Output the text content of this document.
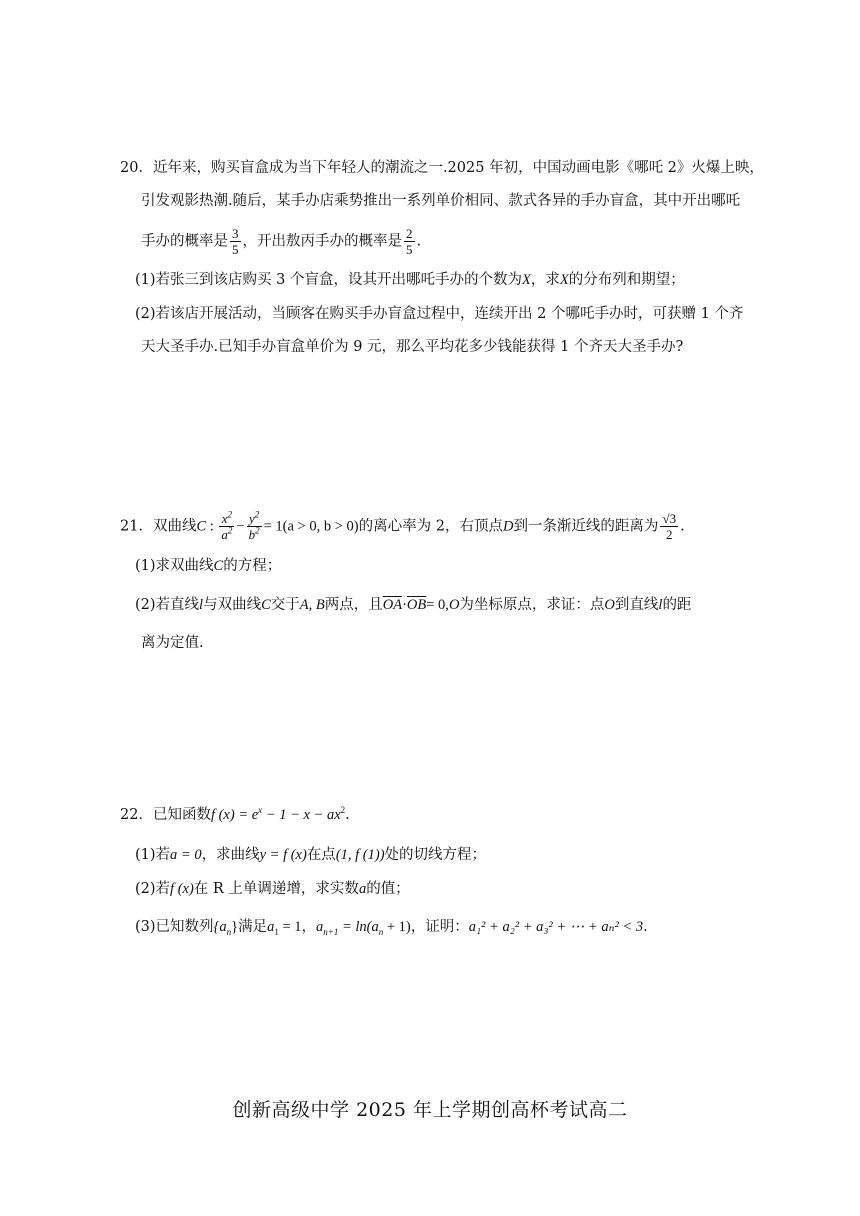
20．近年来，购买盲盒成为当下年轻人的潮流之一.2025 年初，中国动画电影《哪吒 2》火爆上映，
引发观影热潮.随后，某手办店乘势推出一系列单价相同、款式各异的手办盲盒，其中开出哪吒
手办的概率是 $\frac{3}{5}$ ，开出敖丙手办的概率是 $\frac{2}{5}$ .
(1)若张三到该店购买 3 个盲盒，设其开出哪吒手办的个数为X，求X的分布列和期望；
(2)若该店开展活动，当顾客在购买手办盲盒过程中，连续开出 2 个哪吒手办时，可获赠 1 个齐
天大圣手办.已知手办盲盒单价为 9 元，那么平均花多少钱能获得 1 个齐天大圣手办?
21．双曲线C : $\frac{x^2}{a^2} - \frac{y^2}{b^2} = 1(a > 0$, b > 0)的离心率为 2，右顶点D到一条渐近线的距离为 $\frac{√3}{2}$ .
(1)求双曲线C的方程；
(2)若直线l与双曲线C交于A, B两点，且$\overline{OA}\cdot\overline{OB}= 0,O$为坐标原点，求证：点O到直线l的距
离为定值.
22．已知函数f $(x) = e^x - 1 - x - ax^2$.
(1)若a = 0，求曲线y = f (x)在点(1, f (1))处的切线方程；
(2)若f (x)在 R 上单调递增，求实数a的值；
(3)已知数列$\{a_n\}$满足$a_1 = 1$，$a_{n+1} = \ln(a_n + 1)$，证明：a₁² + a₂² + a₃² + ⋯ + aₙ² < 3.
创新高级中学 2025 年上学期创高杯考试高二
